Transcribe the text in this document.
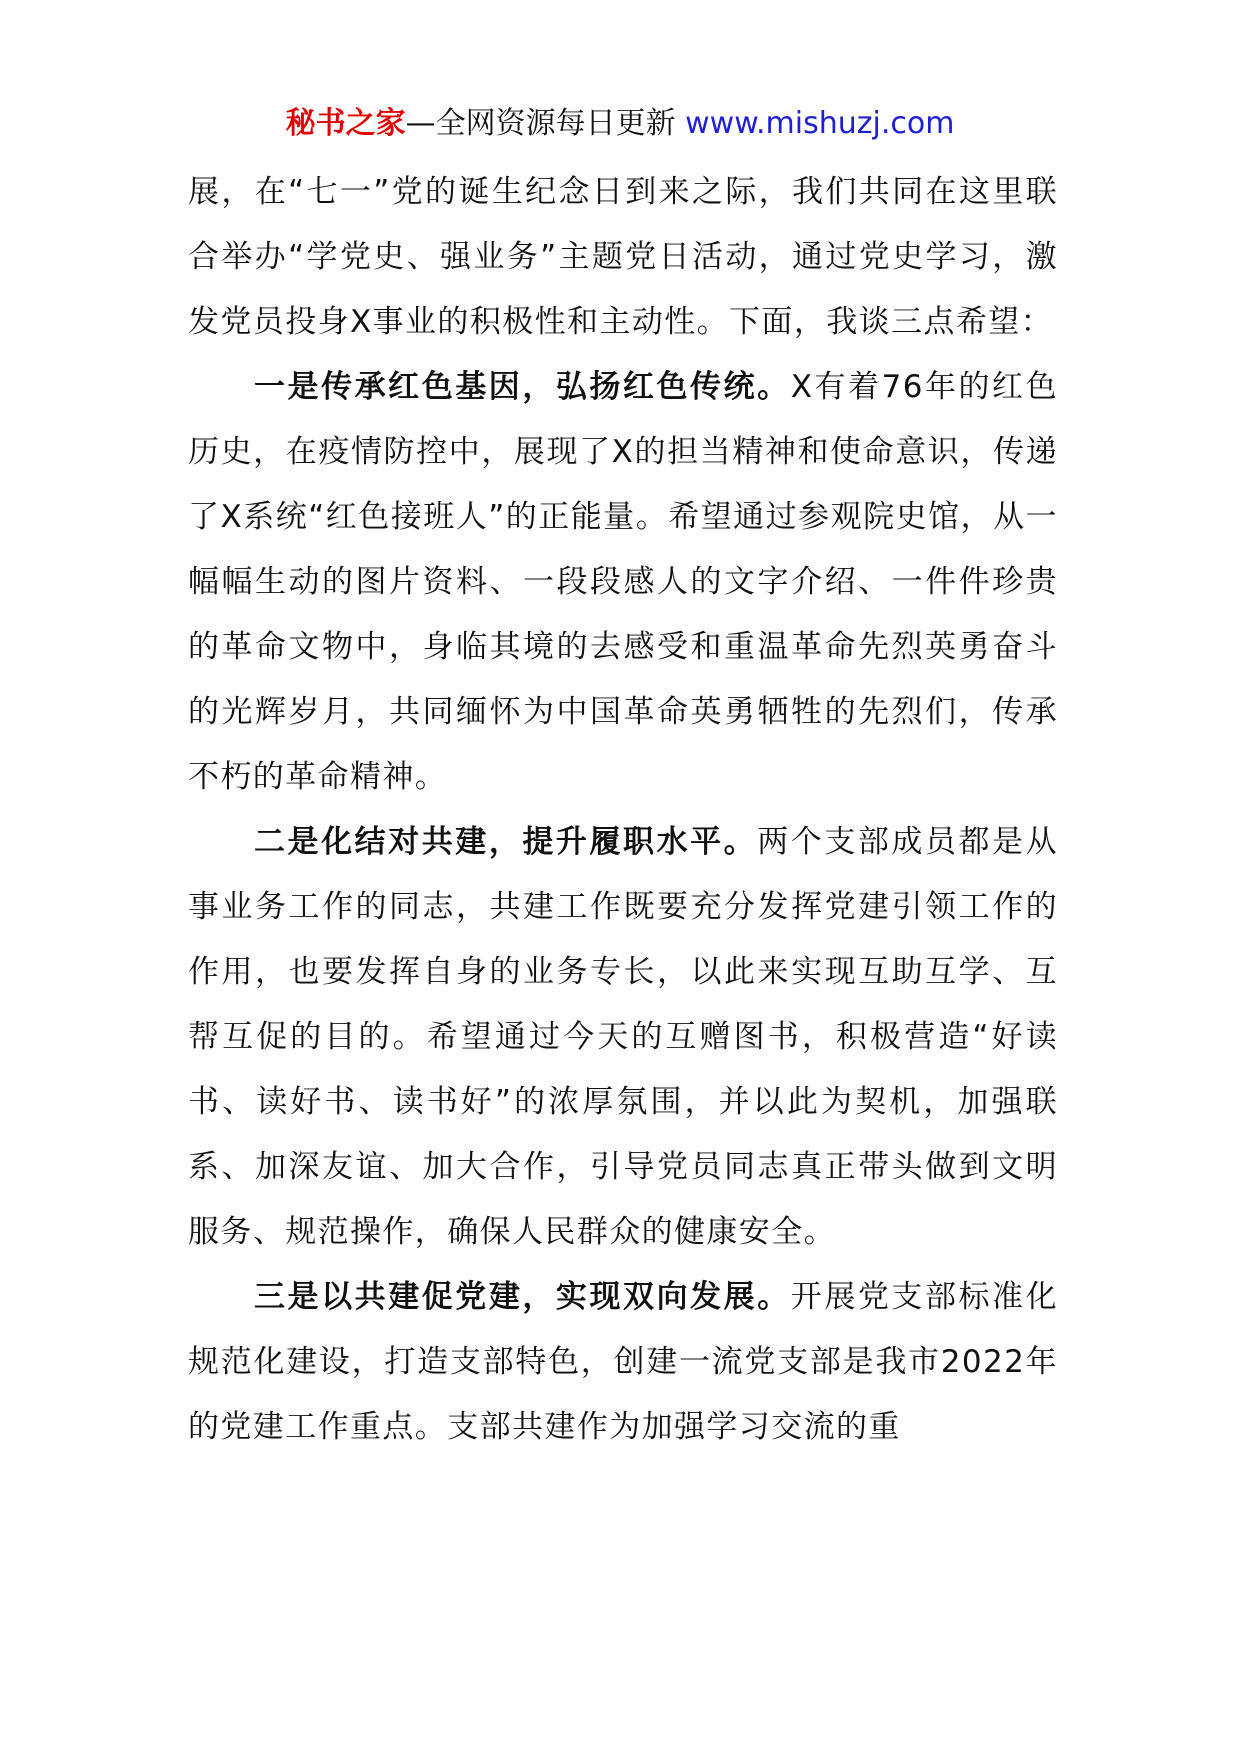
秘书之家—全网资源每日更新 www.mishuzj.com

展，在“七一”党的诞生纪念日到来之际，我们共同在这里联合举办“学党史、强业务”主题党日活动，通过党史学习，激发党员投身X事业的积极性和主动性。下面，我谈三点希望：

一是传承红色基因，弘扬红色传统。X有着76年的红色历史，在疫情防控中，展现了X的担当精神和使命意识，传递了X系统“红色接班人”的正能量。希望通过参观院史馆，从一幅幅生动的图片资料、一段段感人的文字介绍、一件件珍贵的革命文物中，身临其境的去感受和重温革命先烈英勇奋斗的光辉岁月，共同缅怀为中国革命英勇牺牲的先烈们，传承不朽的革命精神。

二是化结对共建，提升履职水平。两个支部成员都是从事业务工作的同志，共建工作既要充分发挥党建引领工作的作用，也要发挥自身的业务专长，以此来实现互助互学、互帮互促的目的。希望通过今天的互赠图书，积极营造“好读书、读好书、读书好”的浓厚氛围，并以此为契机，加强联系、加深友谊、加大合作，引导党员同志真正带头做到文明服务、规范操作，确保人民群众的健康安全。

三是以共建促党建，实现双向发展。开展党支部标准化规范化建设，打造支部特色，创建一流党支部是我市2022年的党建工作重点。支部共建作为加强学习交流的重
